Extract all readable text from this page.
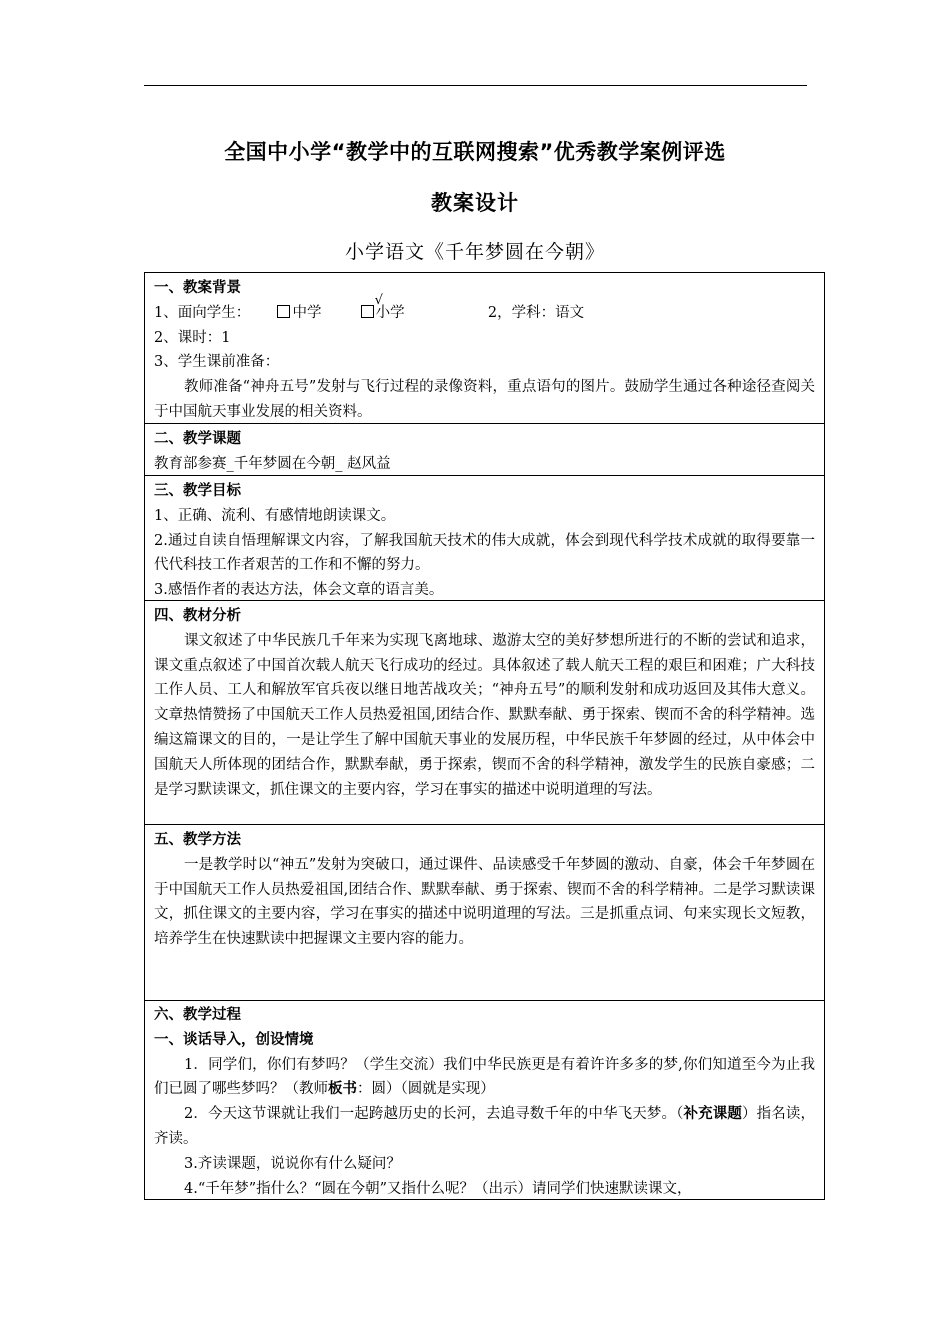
全国中小学“教学中的互联网搜索”优秀教学案例评选
教案设计
小学语文《千年梦圆在今朝》
一、教案背景
1、面向学生：	中学
√
小学	2，学科：语文
2、课时：1
3、学生课前准备：
教师准备“神舟五号”发射与飞行过程的录像资料，重点语句的图片。鼓励学生通过各种途径查阅关于中国航天事业发展的相关资料。
二、教学课题
教育部参赛_千年梦圆在今朝_ 赵风益
三、教学目标
1、正确、流利、有感情地朗读课文。
2.通过自读自悟理解课文内容，了解我国航天技术的伟大成就，体会到现代科学技术成就的取得要靠一代代科技工作者艰苦的工作和不懈的努力。
3.感悟作者的表达方法，体会文章的语言美。
四、教材分析
课文叙述了中华民族几千年来为实现飞离地球、遨游太空的美好梦想所进行的不断的尝试和追求，课文重点叙述了中国首次载人航天飞行成功的经过。具体叙述了载人航天工程的艰巨和困难；广大科技工作人员、工人和解放军官兵夜以继日地苦战攻关；“神舟五号”的顺利发射和成功返回及其伟大意义。文章热情赞扬了中国航天工作人员热爱祖国,团结合作、默默奉献、勇于探索、锲而不舍的科学精神。选编这篇课文的目的，一是让学生了解中国航天事业的发展历程，中华民族千年梦圆的经过，从中体会中国航天人所体现的团结合作，默默奉献，勇于探索，锲而不舍的科学精神，激发学生的民族自豪感；二是学习默读课文，抓住课文的主要内容，学习在事实的描述中说明道理的写法。
五、教学方法
一是教学时以“神五”发射为突破口，通过课件、品读感受千年梦圆的激动、自豪，体会千年梦圆在于中国航天工作人员热爱祖国,团结合作、默默奉献、勇于探索、锲而不舍的科学精神。二是学习默读课文，抓住课文的主要内容，学习在事实的描述中说明道理的写法。三是抓重点词、句来实现长文短教，培养学生在快速默读中把握课文主要内容的能力。
六、教学过程
一、谈话导入，创设情境
1．同学们，你们有梦吗？（学生交流）我们中华民族更是有着许许多多的梦,你们知道至今为止我们已圆了哪些梦吗？（教师板书：圆）（圆就是实现）
2．今天这节课就让我们一起跨越历史的长河，去追寻数千年的中华飞天梦。（补充课题）指名读，齐读。
3.齐读课题，说说你有什么疑问？
4.“千年梦”指什么？“圆在今朝”又指什么呢？（出示）请同学们快速默读课文，
